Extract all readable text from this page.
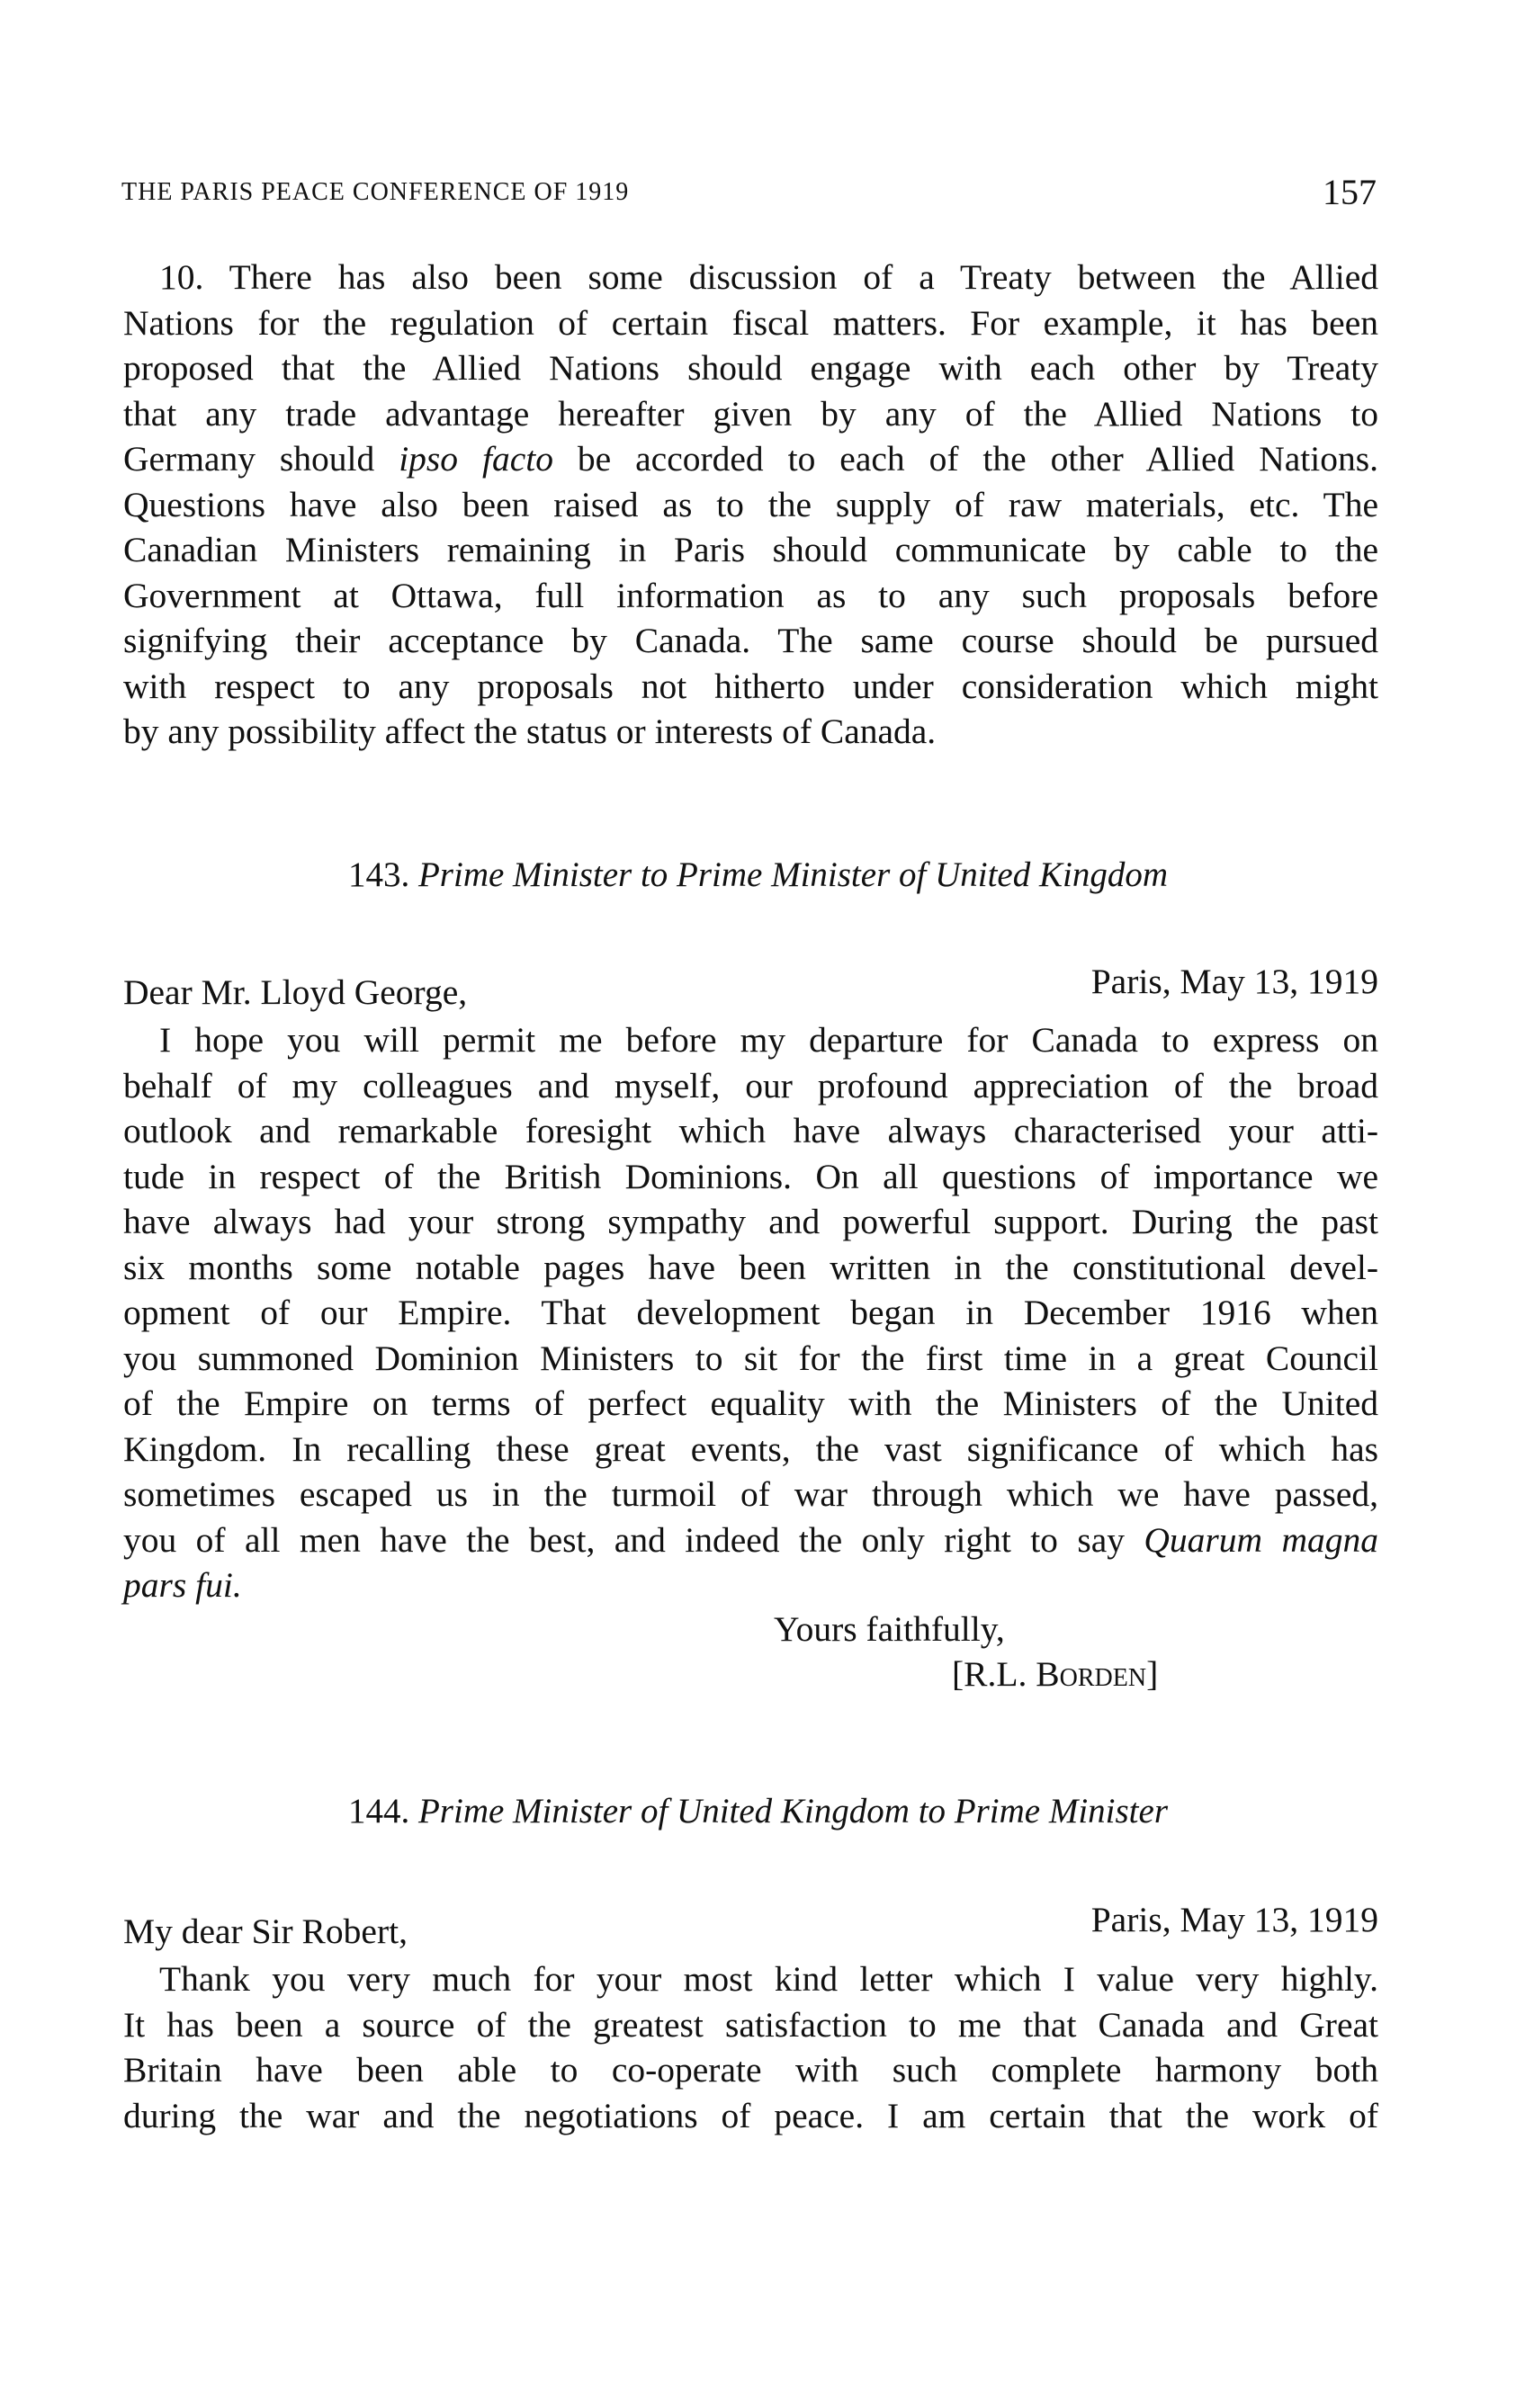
THE PARIS PEACE CONFERENCE OF 1919	157
10. There has also been some discussion of a Treaty between the Allied
Nations for the regulation of certain fiscal matters. For example, it has been
proposed that the Allied Nations should engage with each other by Treaty
that any trade advantage hereafter given by any of the Allied Nations to
Germany should ipso facto be accorded to each of the other Allied Nations.
Questions have also been raised as to the supply of raw materials, etc. The
Canadian Ministers remaining in Paris should communicate by cable to the
Government at Ottawa, full information as to any such proposals before
signifying their acceptance by Canada. The same course should be pursued
with respect to any proposals not hitherto under consideration which might
by any possibility affect the status or interests of Canada.
143. Prime Minister to Prime Minister of United Kingdom
Dear Mr. Lloyd George,	Paris, May 13, 1919
I hope you will permit me before my departure for Canada to express on
behalf of my colleagues and myself, our profound appreciation of the broad
outlook and remarkable foresight which have always characterised your atti-
tude in respect of the British Dominions. On all questions of importance we
have always had your strong sympathy and powerful support. During the past
six months some notable pages have been written in the constitutional devel-
opment of our Empire. That development began in December 1916 when
you summoned Dominion Ministers to sit for the first time in a great Council
of the Empire on terms of perfect equality with the Ministers of the United
Kingdom. In recalling these great events, the vast significance of which has
sometimes escaped us in the turmoil of war through which we have passed,
you of all men have the best, and indeed the only right to say Quarum magna
pars fui.
Yours faithfully,
[R.L. Borden]
144. Prime Minister of United Kingdom to Prime Minister
My dear Sir Robert,	Paris, May 13, 1919
Thank you very much for your most kind letter which I value very highly.
It has been a source of the greatest satisfaction to me that Canada and Great
Britain have been able to co-operate with such complete harmony both
during the war and the negotiations of peace. I am certain that the work of
